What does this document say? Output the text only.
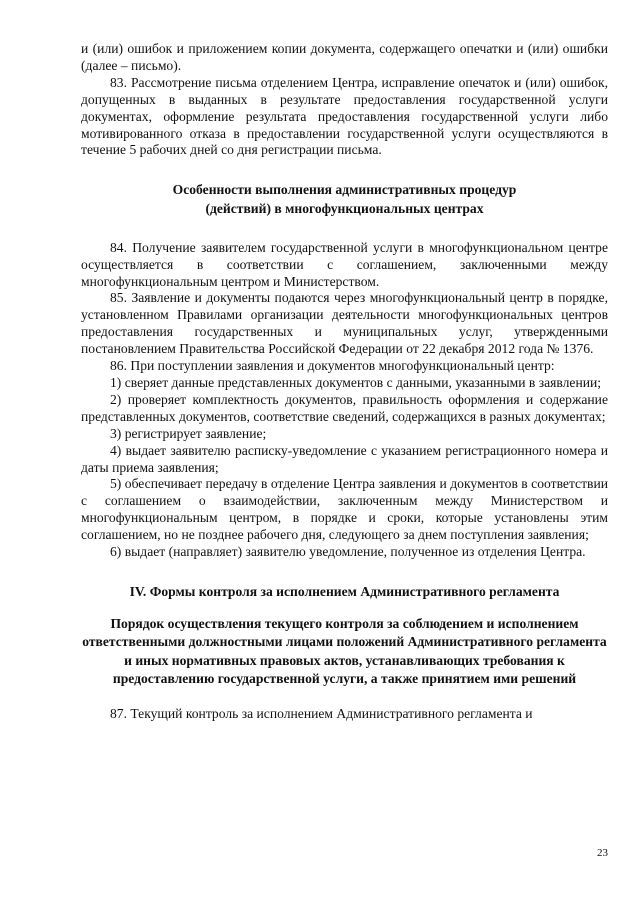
и (или) ошибок и приложением копии документа, содержащего опечатки и (или) ошибки (далее – письмо).

83. Рассмотрение письма отделением Центра, исправление опечаток и (или) ошибок, допущенных в выданных в результате предоставления государственной услуги документах, оформление результата предоставления государственной услуги либо мотивированного отказа в предоставлении государственной услуги осуществляются в течение 5 рабочих дней со дня регистрации письма.

Особенности выполнения административных процедур (действий) в многофункциональных центрах

84. Получение заявителем государственной услуги в многофункциональном центре осуществляется в соответствии с соглашением, заключенными между многофункциональным центром и Министерством.

85. Заявление и документы подаются через многофункциональный центр в порядке, установленном Правилами организации деятельности многофункциональных центров предоставления государственных и муниципальных услуг, утвержденными постановлением Правительства Российской Федерации от 22 декабря 2012 года № 1376.

86. При поступлении заявления и документов многофункциональный центр:

1) сверяет данные представленных документов с данными, указанными в заявлении;

2) проверяет комплектность документов, правильность оформления и содержание представленных документов, соответствие сведений, содержащихся в разных документах;

3) регистрирует заявление;

4) выдает заявителю расписку-уведомление с указанием регистрационного номера и даты приема заявления;

5) обеспечивает передачу в отделение Центра заявления и документов в соответствии с соглашением о взаимодействии, заключенным между Министерством и многофункциональным центром, в порядке и сроки, которые установлены этим соглашением, но не позднее рабочего дня, следующего за днем поступления заявления;

6) выдает (направляет) заявителю уведомление, полученное из отделения Центра.

IV. Формы контроля за исполнением Административного регламента

Порядок осуществления текущего контроля за соблюдением и исполнением ответственными должностными лицами положений Административного регламента и иных нормативных правовых актов, устанавливающих требования к предоставлению государственной услуги, а также принятием ими решений

87. Текущий контроль за исполнением Административного регламента и

23
